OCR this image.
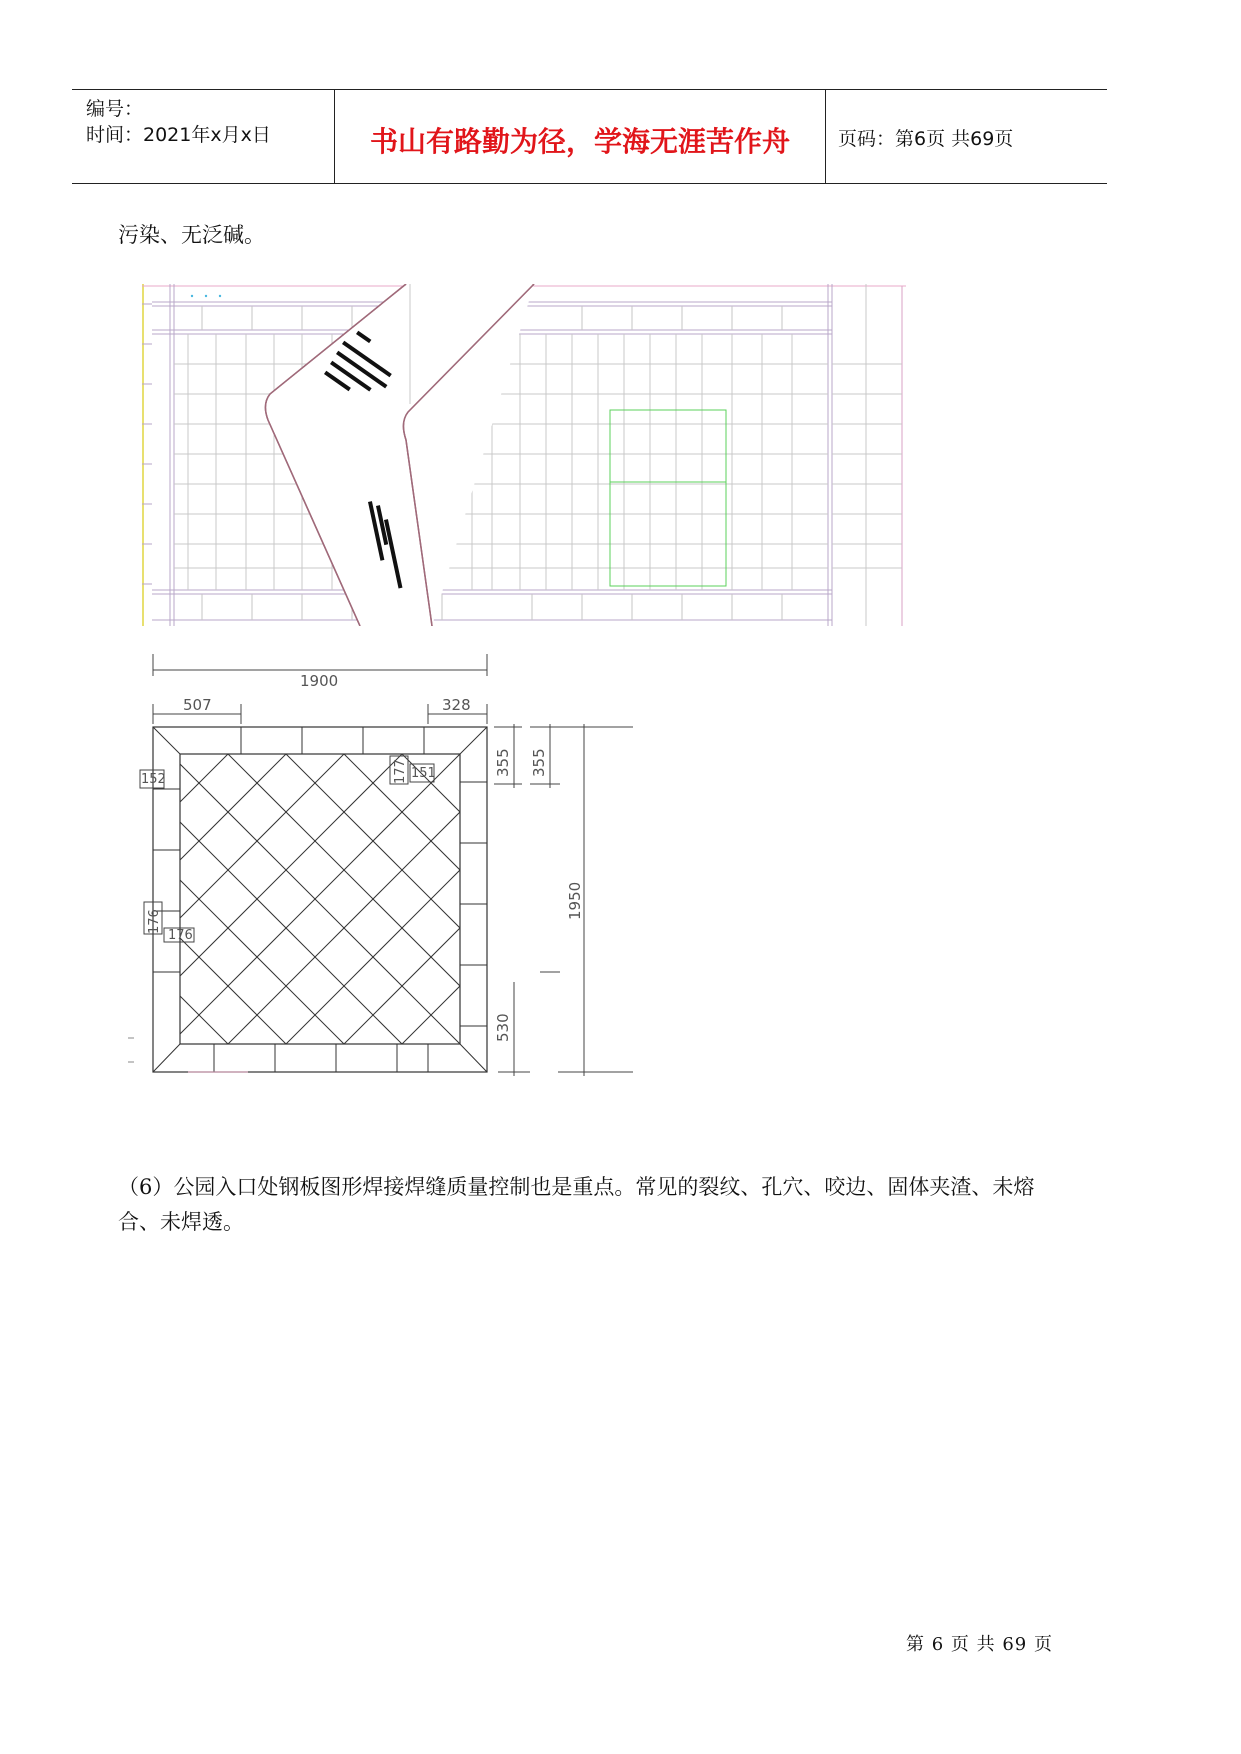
编号：
时间：2021年x月x日	书山有路勤为径，学海无涯苦作舟	页码：第6页 共69页
污染、无泛碱。
1900
507	328
177
152	151
176
176
355 355
1950
530
（6）公园入口处钢板图形焊接焊缝质量控制也是重点。常见的裂纹、孔穴、咬边、固体夹渣、未熔合、未焊透。
第 6 页 共 69 页
